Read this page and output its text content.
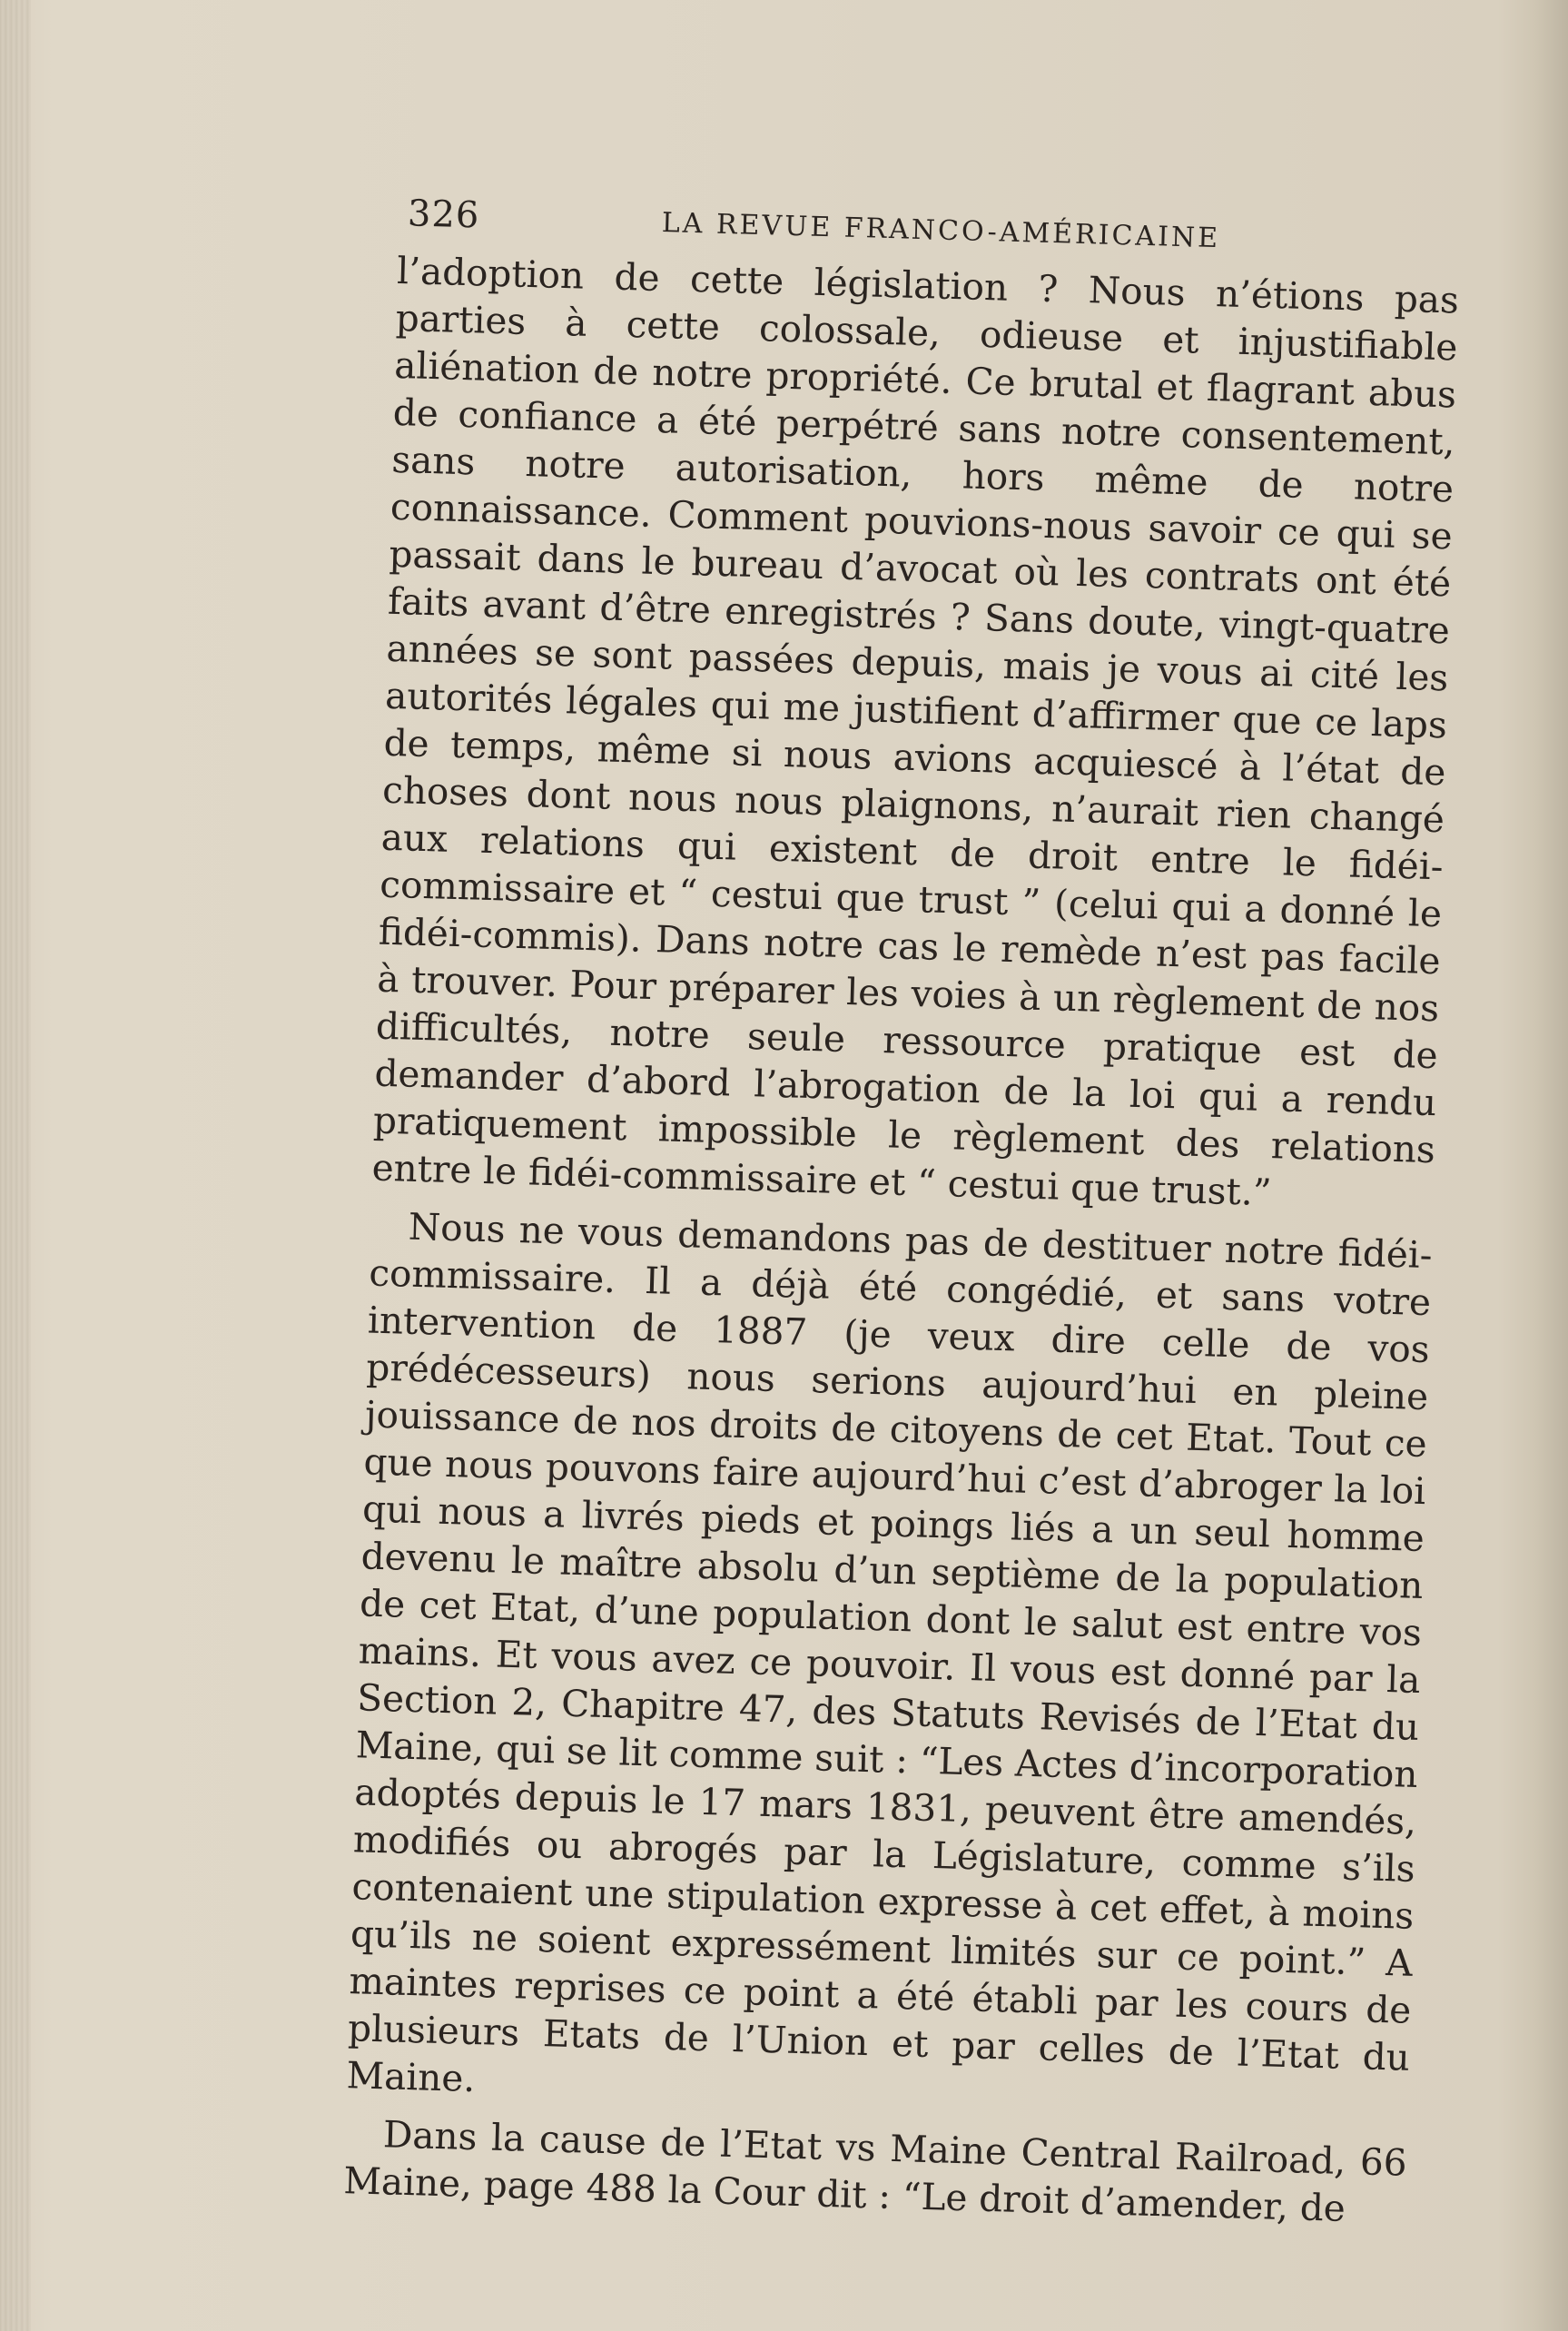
326	LA REVUE FRANCO-AMÉRICAINE

l’adoption de cette législation ? Nous n’étions pas parties à cette colossale, odieuse et injustifiable aliénation de notre propriété. Ce brutal et flagrant abus de confiance a été perpétré sans notre consentement, sans notre autorisation, hors même de notre connaissance. Comment pouvions-nous savoir ce qui se passait dans le bureau d’avocat où les contrats ont été faits avant d’être enregistrés ? Sans doute, vingt-quatre années se sont passées depuis, mais je vous ai cité les autorités légales qui me justifient d’affirmer que ce laps de temps, même si nous avions acquiescé à l’état de choses dont nous nous plaignons, n’aurait rien changé aux relations qui existent de droit entre le fidéi-commissaire et “ cestui que trust ” (celui qui a donné le fidéi-commis). Dans notre cas le remède n’est pas facile à trouver. Pour préparer les voies à un règlement de nos difficultés, notre seule ressource pratique est de demander d’abord l’abrogation de la loi qui a rendu pratiquement impossible le règlement des relations entre le fidéi-commissaire et “ cestui que trust.”

Nous ne vous demandons pas de destituer notre fidéi-commissaire. Il a déjà été congédié, et sans votre intervention de 1887 (je veux dire celle de vos prédécesseurs) nous serions aujourd’hui en pleine jouissance de nos droits de citoyens de cet Etat. Tout ce que nous pouvons faire aujourd’hui c’est d’abroger la loi qui nous a livrés pieds et poings liés a un seul homme devenu le maître absolu d’un septième de la population de cet Etat, d’une population dont le salut est entre vos mains. Et vous avez ce pouvoir. Il vous est donné par la Section 2, Chapitre 47, des Statuts Revisés de l’Etat du Maine, qui se lit comme suit : “Les Actes d’incorporation adoptés depuis le 17 mars 1831, peuvent être amendés, modifiés ou abrogés par la Législature, comme s’ils contenaient une stipulation expresse à cet effet, à moins qu’ils ne soient expressément limités sur ce point.” A maintes reprises ce point a été établi par les cours de plusieurs Etats de l’Union et par celles de l’Etat du Maine.

Dans la cause de l’Etat vs Maine Central Railroad, 66 Maine, page 488 la Cour dit : “Le droit d’amender, de
